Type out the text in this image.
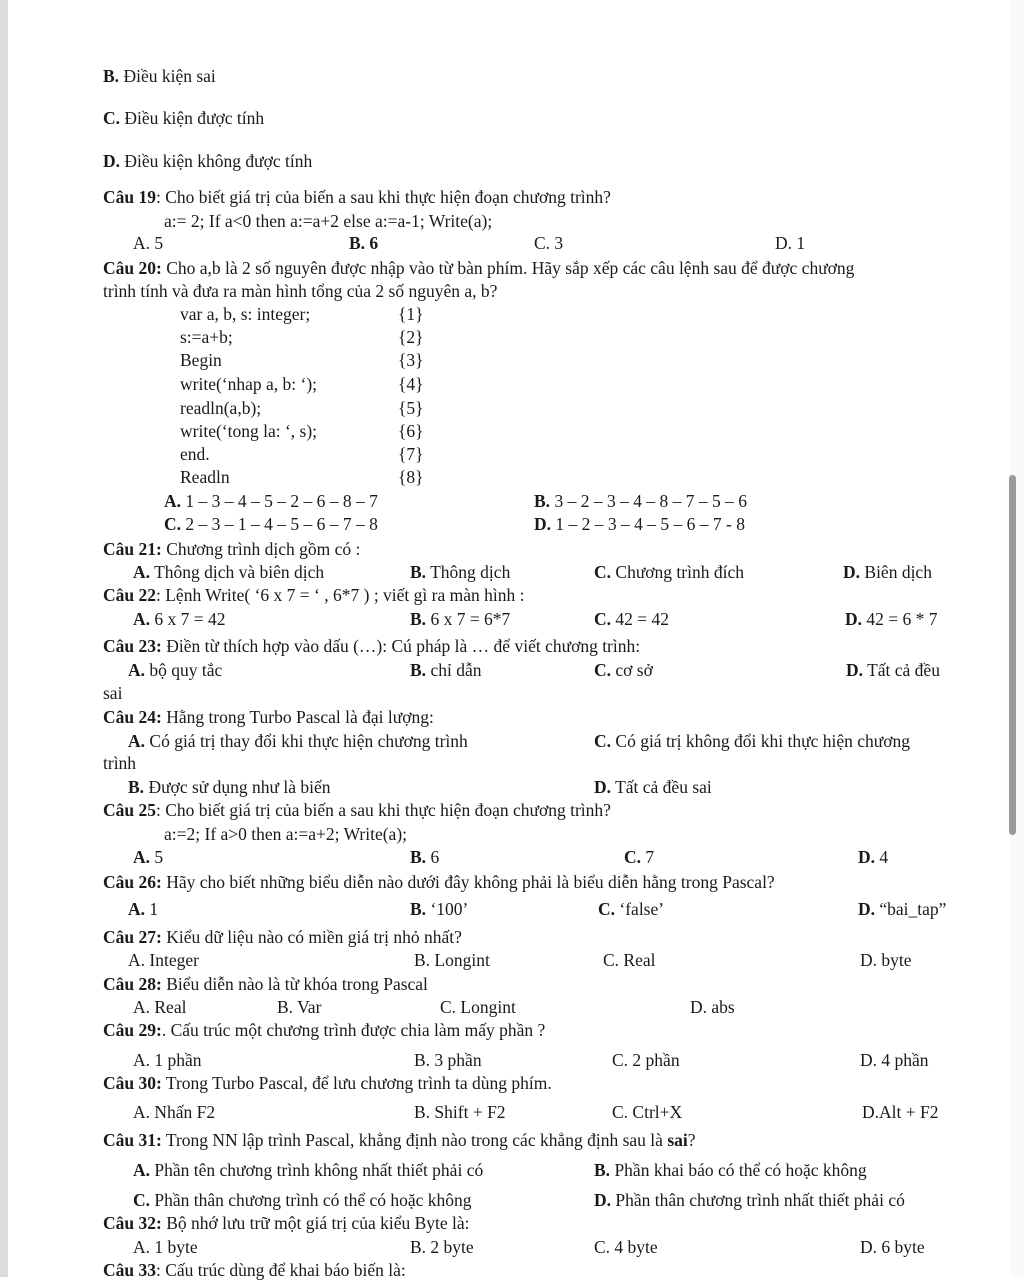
B. Điều kiện sai
C. Điều kiện được tính
D. Điều kiện không được tính
Câu 19: Cho biết giá trị của biến a sau khi thực hiện đoạn chương trình?
a:= 2; If a<0 then a:=a+2 else a:=a-1; Write(a);
A. 5	B. 6	C. 3	D. 1
Câu 20: Cho a,b là 2 số nguyên được nhập vào từ bàn phím. Hãy sắp xếp các câu lệnh sau để được chương
trình tính và đưa ra màn hình tổng của 2 số nguyên a, b?
var a, b, s: integer;	{1}
s:=a+b;	{2}
Begin	{3}
write(‘nhap a, b: ‘);	{4}
readln(a,b);	{5}
write(‘tong la: ‘, s);	{6}
end.	{7}
Readln	{8}
A. 1 – 3 – 4 – 5 – 2 – 6 – 8 – 7	B. 3 – 2 – 3 – 4 – 8 – 7 – 5 – 6
C. 2 – 3 – 1 – 4 – 5 – 6 – 7 – 8	D. 1 – 2 – 3 – 4 – 5 – 6 – 7 - 8
Câu 21: Chương trình dịch gồm có :
A. Thông dịch và biên dịch	B. Thông dịch	C. Chương trình đích	D. Biên dịch
Câu 22: Lệnh Write( ‘6 x 7 = ‘ , 6*7 ) ; viết gì ra màn hình :
A. 6 x 7 = 42	B. 6 x 7 = 6*7	C. 42 = 42	D. 42 = 6 * 7
Câu 23: Điền từ thích hợp vào dấu (…): Cú pháp là … để viết chương trình:
A. bộ quy tắc	B. chỉ dẫn	C. cơ sở	D. Tất cả đều
sai
Câu 24: Hằng trong Turbo Pascal là đại lượng:
A. Có giá trị thay đổi khi thực hiện chương trình	C. Có giá trị không đổi khi thực hiện chương
trình
B. Được sử dụng như là biến	D. Tất cả đều sai
Câu 25: Cho biết giá trị của biến a sau khi thực hiện đoạn chương trình?
a:=2; If a>0 then a:=a+2; Write(a);
A. 5	B. 6	C. 7	D. 4
Câu 26: Hãy cho biết những biểu diễn nào dưới đây không phải là biểu diễn hằng trong Pascal?
A. 1	B. ‘100’	C. ‘false’	D. “bai_tap”
Câu 27: Kiểu dữ liệu nào có miền giá trị nhỏ nhất?
A. Integer	B. Longint	C. Real	D. byte
Câu 28: Biểu diễn nào là từ khóa trong Pascal
A. Real	B. Var	C. Longint	D. abs
Câu 29:. Cấu trúc một chương trình được chia làm mấy phần ?
A. 1 phần	B. 3 phần	C. 2 phần	D. 4 phần
Câu 30: Trong Turbo Pascal, để lưu chương trình ta dùng phím.
A. Nhấn F2	B. Shift + F2	C. Ctrl+X	D.Alt + F2
Câu 31: Trong NN lập trình Pascal, khẳng định nào trong các khẳng định sau là sai?
A. Phần tên chương trình không nhất thiết phải có	B. Phần khai báo có thể có hoặc không
C. Phần thân chương trình có thể có hoặc không	D. Phần thân chương trình nhất thiết phải có
Câu 32: Bộ nhớ lưu trữ một giá trị của kiểu Byte là:
A. 1 byte	B. 2 byte	C. 4 byte	D. 6 byte
Câu 33: Cấu trúc dùng để khai báo biến là:
